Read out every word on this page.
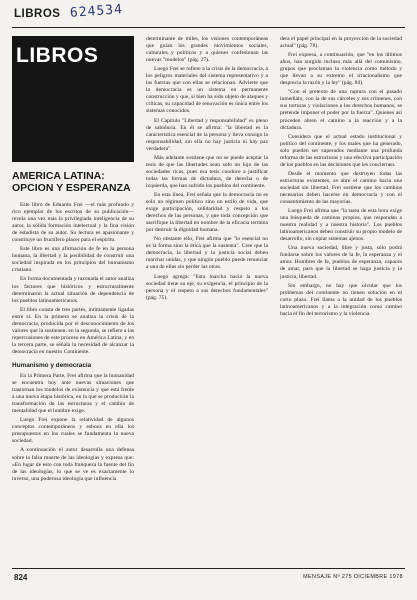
LIBROS 624534
LIBROS
AMERICA LATINA: OPCION Y ESPERANZA

Este libro de Eduardo Frei —el más profundo y rico ejemplar de los escritos de su publicación— revela una vez más la privilegiada inteligencia de su autor, la sólida formación intelectual y la fina visión de estadista de su autor. Su lectura es apasionante y constituye un fructífero placer para el espíritu.

Este libro es una afirmación de fe en la persona humana, la libertad y la posibilidad de construir una sociedad inspirada en los principios del humanismo cristiano.

En forma documentada y razonada el autor analiza los factores que históricos y estructuralmente determinaron la actual situación de dependencia de los pueblos latinoamericanos.

El libro consta de tres partes, íntimamente ligadas entre sí. En la primera se analiza la crisis de la democracia, producida por el desconocimiento de los valores que la sostienen; en la segunda, se refiere a las repercusiones de este proceso en América Latina, y en la tercera parte, se señala la necesidad de alcanzar la democracia en nuestro Continente.

Humanismo y democracia

En la Primera Parte, Frei afirma que la humanidad se encuentra hoy ante nuevas situaciones que trastornan los modelos de existencia y que está frente a una nueva etapa histórica, en la que se producirán la transformación de las estructuras y el cambio de mentalidad que el hombre exige.

Luego Frei expone la relatividad de algunos conceptos contemporáneos y esboza en ella los presupuestos en los cuales se fundamenta la nueva sociedad.

A continuación el autor desarrolla una defensa sobre la falsa muerte de las ideologías y expresa que: «En lugar de esto con toda franqueza la fuente del fin de las ideologías, lo que se ve es exactamente lo inverso, una poderosa ideología que influencia

determinante de miles, los visiones contemporáneas que guían los grandes movimientos sociales, culturales y políticos y a quienes confesionan las nuevas "modelos" (pág. 27).

Luego Frei se refiere a la crisis de la democracia, a los peligros materiales del sistema representativo y a las fuerzas que con ellas se relacionan. Advierte que la democracia es un sistema en permanente construcción y que, si bien ha sido objeto de ataques y críticas, su capacidad de renovación es única entre los sistemas conocidos.

El Capítulo "Libertad y responsabilidad" es pleno de sabiduría. En él se afirma: "la libertad es la característica esencial de la persona y lleva consigo la responsabilidad; sin ella no hay justicia ni hay paz verdadera".

Más adelante sostiene que no se puede aceptar la tesis de que las libertades sean solo un lujo de las sociedades ricas, pues esa tesis conduce a justificar todas las formas de dictadura, de derecha o de izquierda, que han sufrido los pueblos del continente.

En esta línea, Frei señala que la democracia no es solo un régimen político sino un estilo de vida, que exige participación, solidaridad y respeto a los derechos de las personas, y que toda concepción que sacrifique la libertad en nombre de la eficacia termina por destruir la dignidad humana.

No obstante ello, Frei afirma que "lo esencial no es la forma sino la ética que la sustenta". Cree que la democracia, la libertad y la justicia social deben marchar unidas, y que ningún pueblo puede renunciar a una de ellas sin perder las otras.

Luego agrega: "Esta marcha hacia la nueva sociedad tiene su eje, su exigencia, el principio de la persona y el respeto a sus derechos fundamentales" (pág. 75).

dera el papel principal en la proyección de la sociedad actual" (pág. 78).

Frei expresa, a continuación, que "en los últimos años, han surgido incluso más allá del comunismo, grupos que proclaman la violencia como método y que llevan a su extremo el irracionalismo que desprecia la razón y la ley" (pág. 84).

"Con el pretexto de una ruptura con el pasado inmediato, con la de sus cárceles y sus crímenes, con sus torturas y violaciones a los derechos humanos, se pretende imponer el poder por la fuerza". Quienes así proceden abren el camino a la reacción y a la dictadura.

Considera que el actual estado institucional y político del continente, y los males que ha generado, solo pueden ser superados mediante una profunda reforma de las estructuras y una efectiva participación de los pueblos en las decisiones que les conciernen.

Desde el momento que destruyen todas las estructuras existentes, se abre el camino hacia una sociedad sin libertad. Frei sostiene que los cambios necesarios deben hacerse en democracia y con el consentimiento de las mayorías.

Luego Frei afirma que "la tarea de esta hora exige una búsqueda de caminos propios, que respondan a nuestra realidad y a nuestra historia". Los pueblos latinoamericanos deben construir su propio modelo de desarrollo, sin copiar sistemas ajenos.

Una nueva sociedad, libre y justa, sólo podrá fundarse sobre los valores de la fe, la esperanza y el amor. Hombres de fe, pueblos de esperanza, capaces de amar, para que la libertad se haga justicia y la justicia, libertad.

Sin embargo, no hay que olvidar que los problemas del continente no tienen solución en el corto plazo. Frei llama a la unidad de los pueblos latinoamericanos y a la integración como camino hacia el fin del terrorismo y la violencia.

824	MENSAJE Nº 275 DICIEMBRE 1978
